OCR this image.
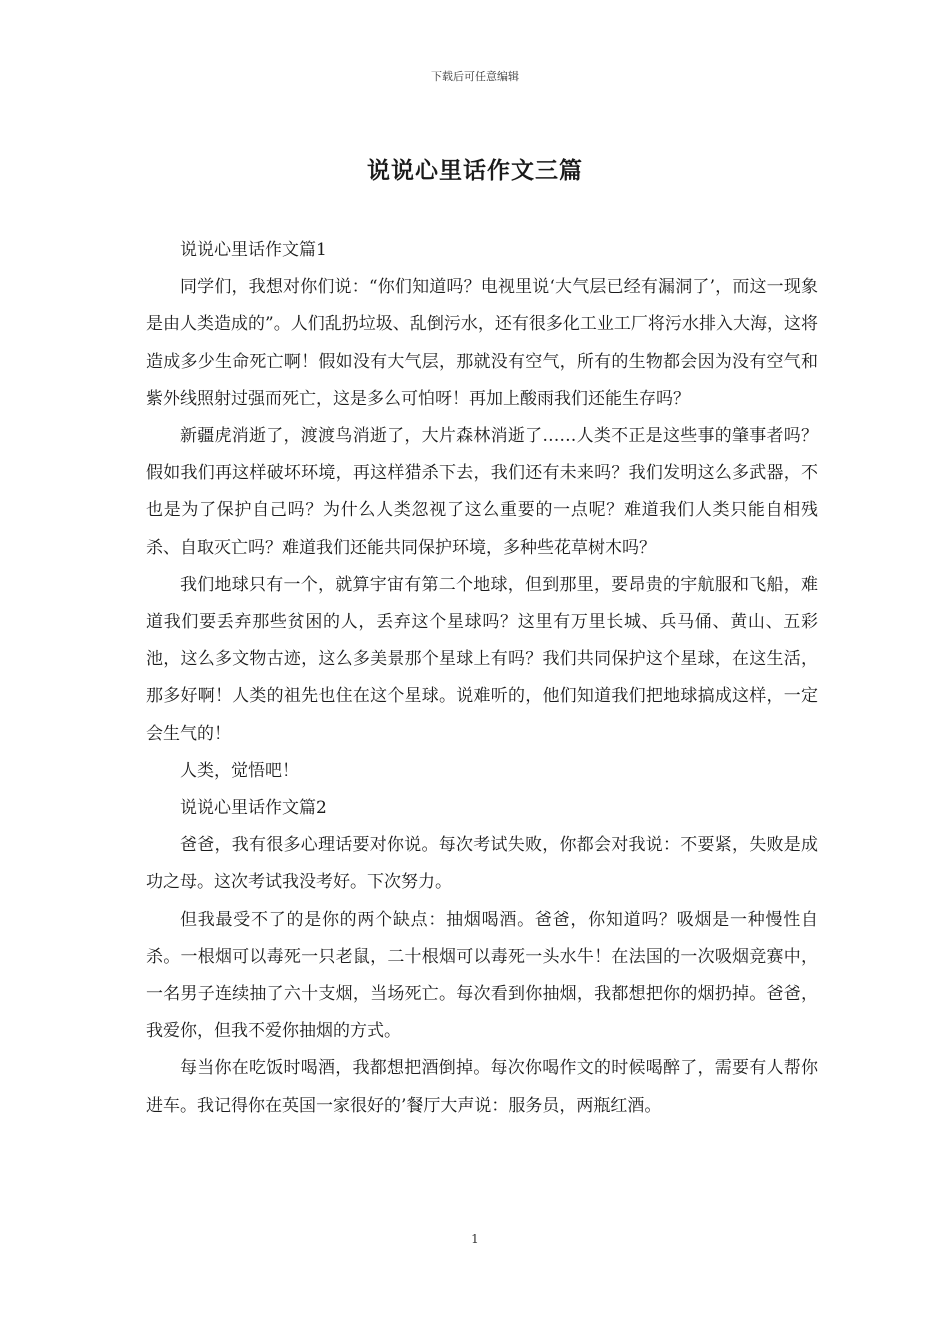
下载后可任意编辑
说说心里话作文三篇

说说心里话作文篇1

同学们，我想对你们说：“你们知道吗？电视里说‘大气层已经有漏洞了’，而这一现象是由人类造成的”。人们乱扔垃圾、乱倒污水，还有很多化工业工厂将污水排入大海，这将造成多少生命死亡啊！假如没有大气层，那就没有空气，所有的生物都会因为没有空气和紫外线照射过强而死亡，这是多么可怕呀！再加上酸雨我们还能生存吗？

新疆虎消逝了，渡渡鸟消逝了，大片森林消逝了……人类不正是这些事的肇事者吗？假如我们再这样破坏环境，再这样猎杀下去，我们还有未来吗？我们发明这么多武器，不也是为了保护自己吗？为什么人类忽视了这么重要的一点呢？难道我们人类只能自相残杀、自取灭亡吗？难道我们还能共同保护环境，多种些花草树木吗？

我们地球只有一个，就算宇宙有第二个地球，但到那里，要昂贵的宇航服和飞船，难道我们要丢弃那些贫困的人，丢弃这个星球吗？这里有万里长城、兵马俑、黄山、五彩池，这么多文物古迹，这么多美景那个星球上有吗？我们共同保护这个星球，在这生活，那多好啊！人类的祖先也住在这个星球。说难听的，他们知道我们把地球搞成这样，一定会生气的！

人类，觉悟吧！

说说心里话作文篇2

爸爸，我有很多心理话要对你说。每次考试失败，你都会对我说：不要紧，失败是成功之母。这次考试我没考好。下次努力。

但我最受不了的是你的两个缺点：抽烟喝酒。爸爸，你知道吗？吸烟是一种慢性自杀。一根烟可以毒死一只老鼠，二十根烟可以毒死一头水牛！在法国的一次吸烟竞赛中，一名男子连续抽了六十支烟，当场死亡。每次看到你抽烟，我都想把你的烟扔掉。爸爸，我爱你，但我不爱你抽烟的方式。

每当你在吃饭时喝酒，我都想把酒倒掉。每次你喝作文的时候喝醉了，需要有人帮你进车。我记得你在英国一家很好的’餐厅大声说：服务员，两瓶红酒。

1
